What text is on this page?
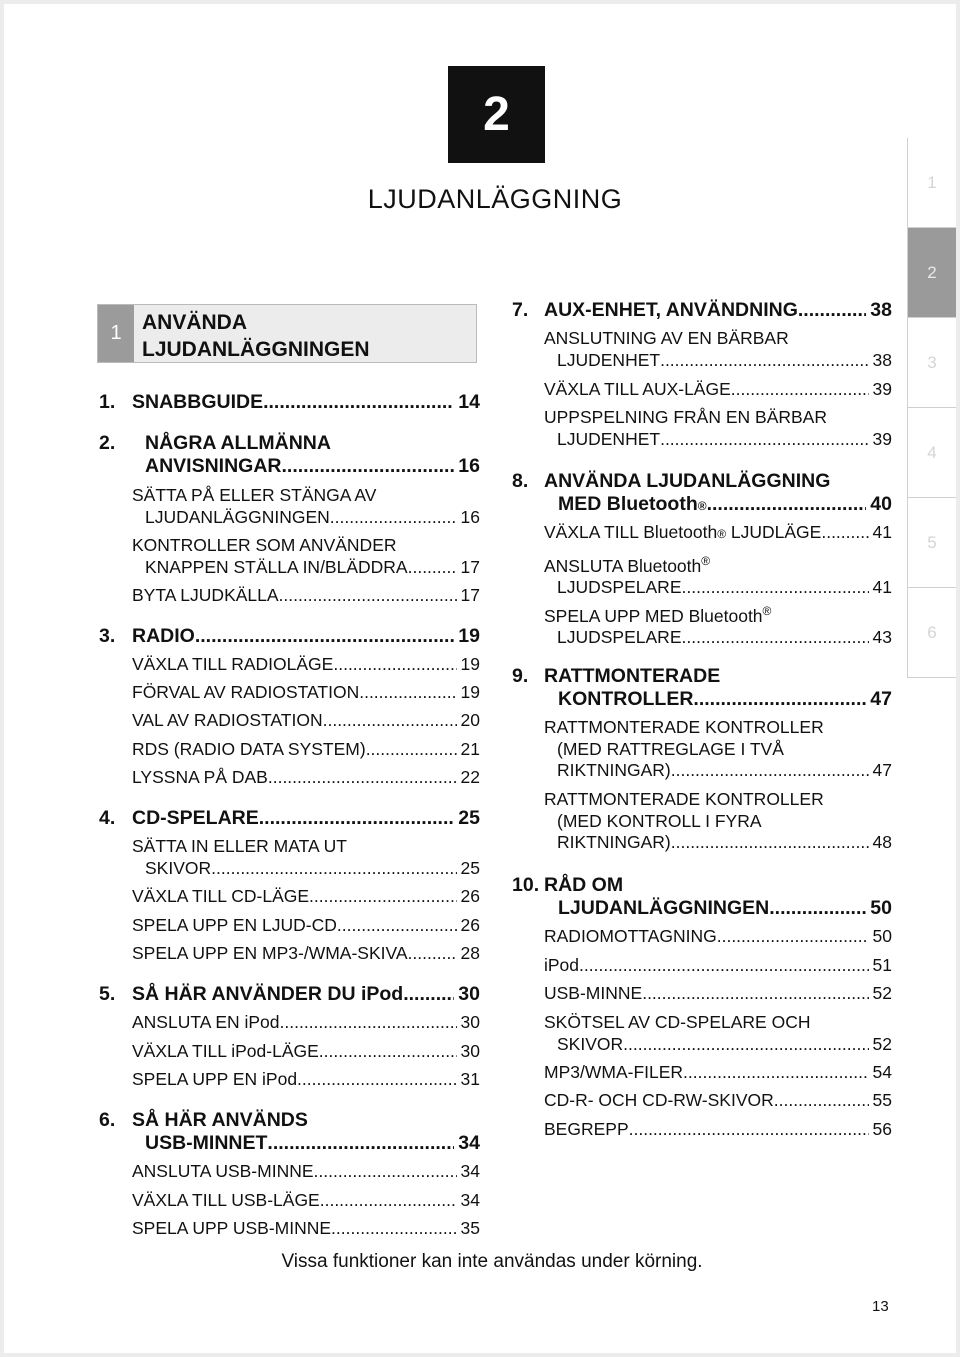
2
LJUDANLÄGGNING
1
2
3
4
5
6
1 ANVÄNDA
LJUDANLÄGGNINGEN
1. SNABBGUIDE .....	14
2. NÅGRA ALLMÄNNA
ANVISNINGAR .....	16
SÄTTA PÅ ELLER STÄNGA AV
LJUDANLÄGGNINGEN .....	16
KONTROLLER SOM ANVÄNDER
KNAPPEN STÄLLA IN/BLÄDDRA .....	17
BYTA LJUDKÄLLA .....	17
3. RADIO .....	19
VÄXLA TILL RADIOLÄGE .....	19
FÖRVAL AV RADIOSTATION .....	19
VAL AV RADIOSTATION .....	20
RDS (RADIO DATA SYSTEM) .....	21
LYSSNA PÅ DAB .....	22
4. CD-SPELARE .....	25
SÄTTA IN ELLER MATA UT
SKIVOR .....	25
VÄXLA TILL CD-LÄGE .....	26
SPELA UPP EN LJUD-CD .....	26
SPELA UPP EN MP3-/WMA-SKIVA .....	28
5. SÅ HÄR ANVÄNDER DU iPod .....	30
ANSLUTA EN iPod .....	30
VÄXLA TILL iPod-LÄGE .....	30
SPELA UPP EN iPod .....	31
6. SÅ HÄR ANVÄNDS
USB-MINNET .....	34
ANSLUTA USB-MINNE .....	34
VÄXLA TILL USB-LÄGE .....	34
SPELA UPP USB-MINNE .....	35
7. AUX-ENHET, ANVÄNDNING .....	38
ANSLUTNING AV EN BÄRBAR
LJUDENHET .....	38
VÄXLA TILL AUX-LÄGE .....	39
UPPSPELNING FRÅN EN BÄRBAR
LJUDENHET .....	39
8. ANVÄNDA LJUDANLÄGGNING
MED Bluetooth ® .....	40
VÄXLA TILL Bluetooth ® LJUDLÄGE .....	41
ANSLUTA Bluetooth®
LJUDSPELARE .....	41
SPELA UPP MED Bluetooth®
LJUDSPELARE .....	43
9. RATTMONTERADE
KONTROLLER .....	47
RATTMONTERADE KONTROLLER
(MED RATTREGLAGE I TVÅ
RIKTNINGAR) .....	47
RATTMONTERADE KONTROLLER
(MED KONTROLL I FYRA
RIKTNINGAR) .....	48
10. RÅD OM
LJUDANLÄGGNINGEN .....	50
RADIOMOTTAGNING .....	50
iPod .....	51
USB-MINNE .....	52
SKÖTSEL AV CD-SPELARE OCH
SKIVOR .....	52
MP3/WMA-FILER .....	54
CD-R- OCH CD-RW-SKIVOR .....	55
BEGREPP .....	56
Vissa funktioner kan inte användas under körning.
13
